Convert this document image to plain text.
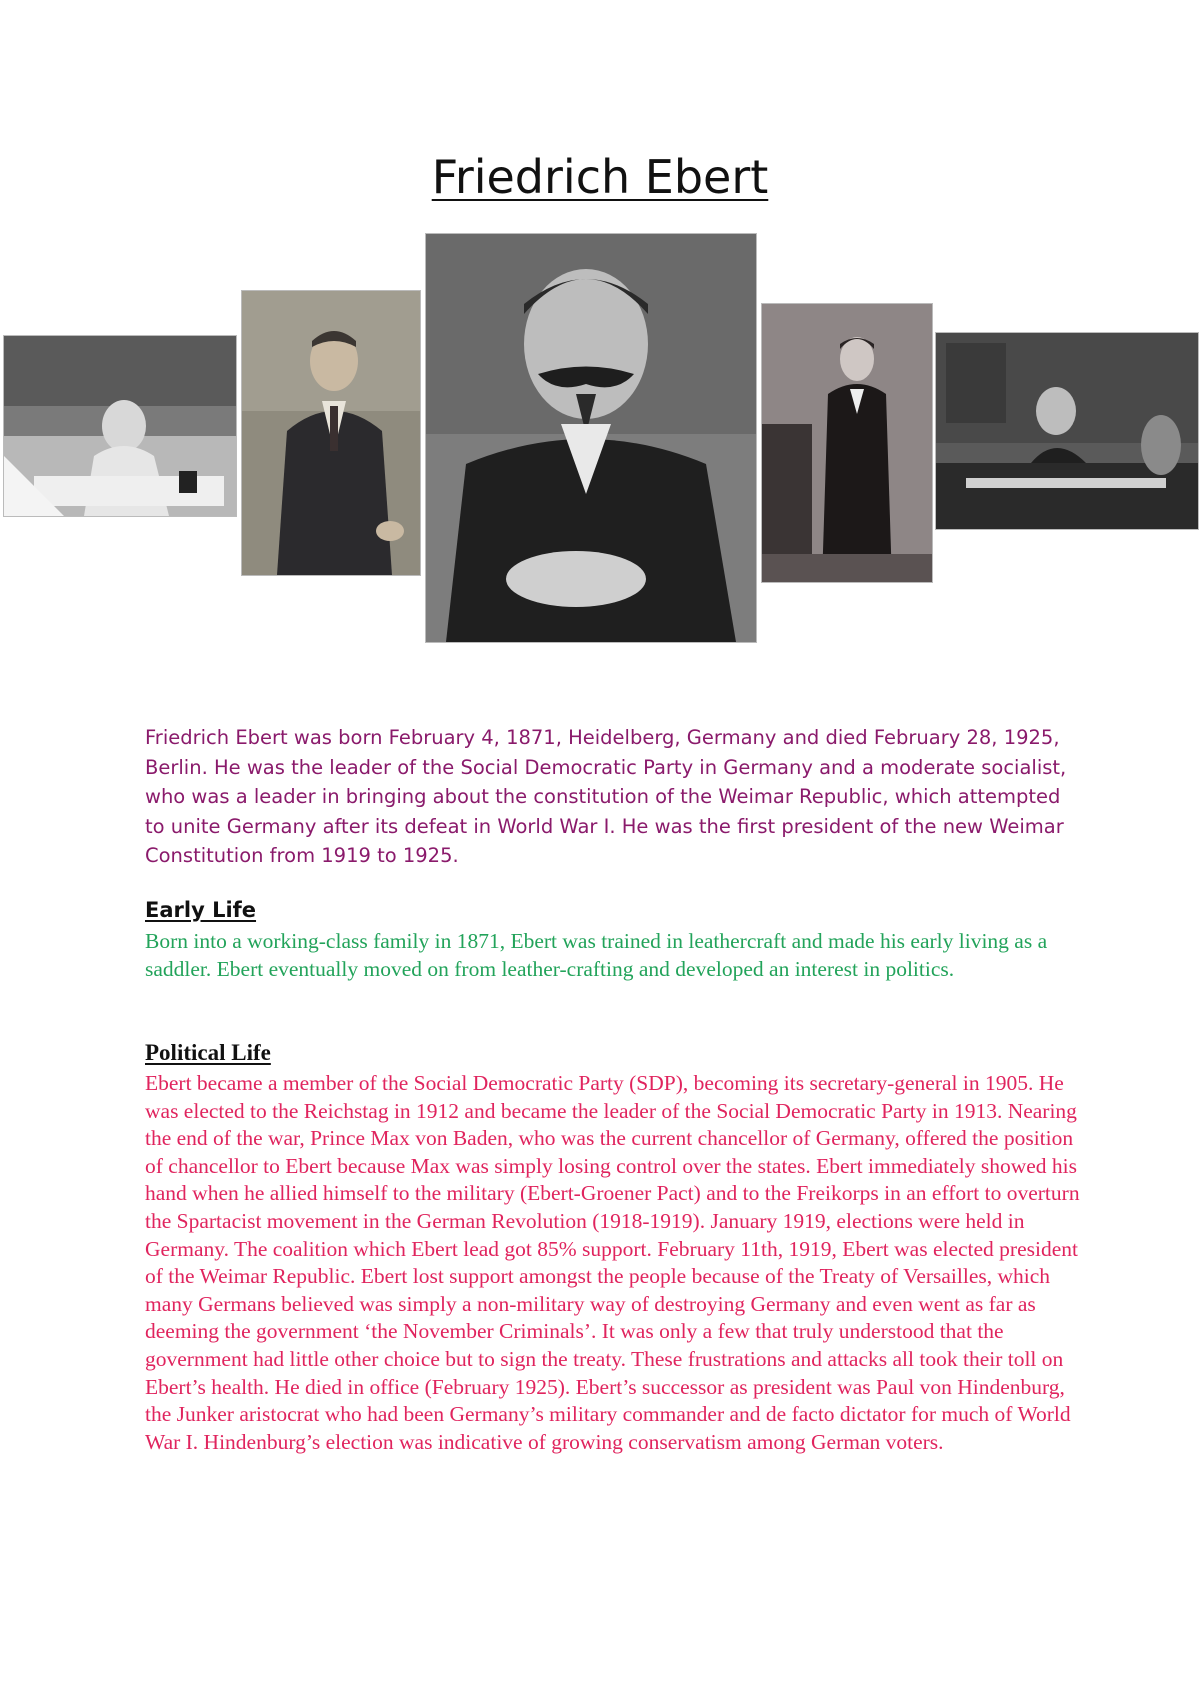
Friedrich Ebert
Friedrich Ebert was born February 4, 1871, Heidelberg, Germany and died February 28, 1925, Berlin. He was the leader of the Social Democratic Party in Germany and a moderate socialist, who was a leader in bringing about the constitution of the Weimar Republic, which attempted to unite Germany after its defeat in World War I. He was the first president of the new Weimar Constitution from 1919 to 1925.
Early Life
Born into a working-class family in 1871, Ebert was trained in leathercraft and made his early living as a saddler. Ebert eventually moved on from leather-crafting and developed an interest in politics.
Political Life
Ebert became a member of the Social Democratic Party (SDP), becoming its secretary-general in 1905. He was elected to the Reichstag in 1912 and became the leader of the Social Democratic Party in 1913. Nearing the end of the war, Prince Max von Baden, who was the current chancellor of Germany, offered the position of chancellor to Ebert because Max was simply losing control over the states. Ebert immediately showed his hand when he allied himself to the military (Ebert-Groener Pact) and to the Freikorps in an effort to overturn the Spartacist movement in the German Revolution (1918-1919). January 1919, elections were held in Germany. The coalition which Ebert lead got 85% support. February 11th, 1919, Ebert was elected president of the Weimar Republic. Ebert lost support amongst the people because of the Treaty of Versailles, which many Germans believed was simply a non-military way of destroying Germany and even went as far as deeming the government ‘the November Criminals’. It was only a few that truly understood that the government had little other choice but to sign the treaty. These frustrations and attacks all took their toll on Ebert’s health. He died in office (February 1925). Ebert’s successor as president was Paul von Hindenburg, the Junker aristocrat who had been Germany’s military commander and de facto dictator for much of World War I. Hindenburg’s election was indicative of growing conservatism among German voters.
